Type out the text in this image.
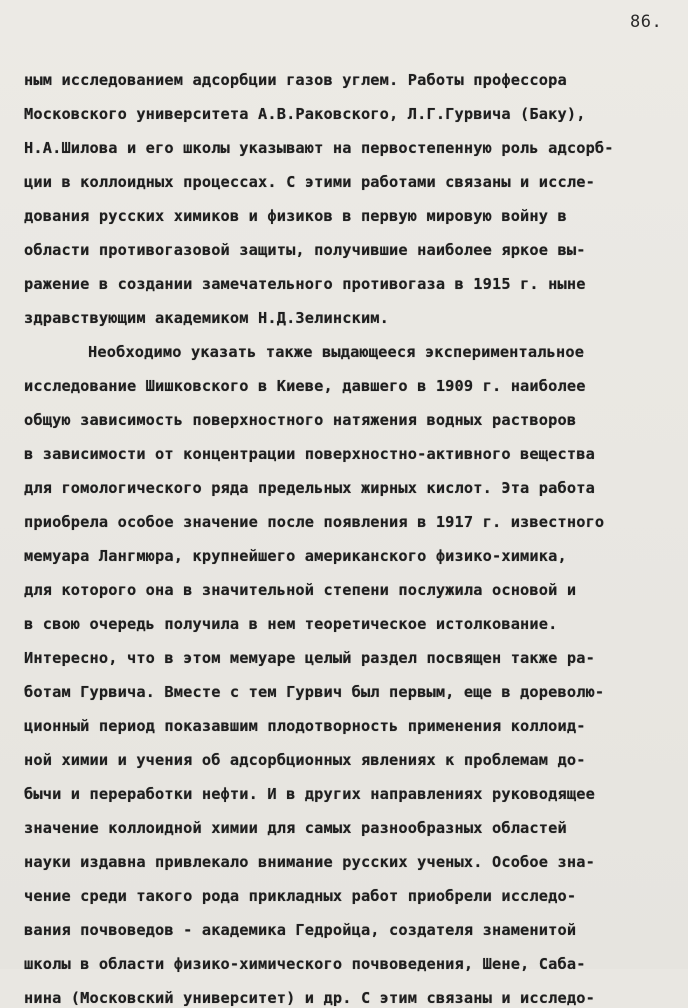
86.
ным исследованием адсорбции газов углем. Работы профессора
Московского университета А.В.Раковского, Л.Г.Гурвича (Баку),
Н.А.Шилова и его школы указывают на первостепенную роль адсорб-
ции в коллоидных процессах. С этими работами связаны и иссле-
дования русских химиков и физиков в первую мировую войну в
области противогазовой защиты, получившие наиболее яркое вы-
ражение в создании замечательного противогаза в 1915 г. ныне
здравствующим академиком Н.Д.Зелинским.
Необходимо указать также выдающееся экспериментальное
исследование Шишковского в Киеве, давшего в 1909 г. наиболее
общую зависимость поверхностного натяжения водных растворов
в зависимости от концентрации поверхностно-активного вещества
для гомологического ряда предельных жирных кислот. Эта работа
приобрела особое значение после появления в 1917 г. известного
мемуара Лангмюра, крупнейшего американского физико-химика,
для которого она в значительной степени послужила основой и
в свою очередь получила в нем теоретическое истолкование.
Интересно, что в этом мемуаре целый раздел посвящен также ра-
ботам Гурвича. Вместе с тем Гурвич был первым, еще в дореволю-
ционный период показавшим плодотворность применения коллоид-
ной химии и учения об адсорбционных явлениях к проблемам до-
бычи и переработки нефти. И в других направлениях руководящее
значение коллоидной химии для самых разнообразных областей
науки издавна привлекало внимание русских ученых. Особое зна-
чение среди такого рода прикладных работ приобрели исследо-
вания почвоведов - академика Гедройца, создателя знаменитой
школы в области физико-химического почвоведения, Шене, Саба-
нина (Московский университет) и др. С этим связаны и исследо-
